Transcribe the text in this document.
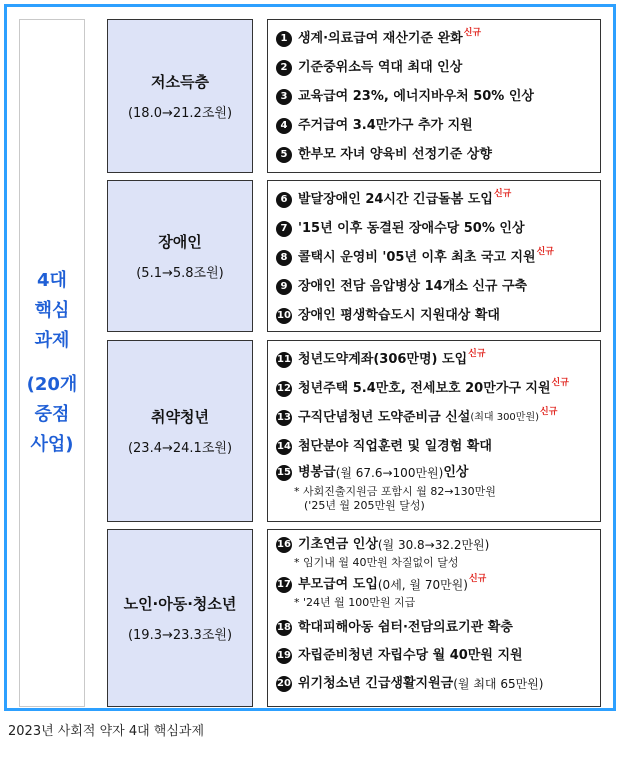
4대
핵심
과제
(20개
중점
사업)
저소득층
(18.0→21.2조원)
1 생계·의료급여 재산기준 완화 신규
2 기준중위소득 역대 최대 인상
3 교육급여 23%, 에너지바우처 50% 인상
4 주거급여 3.4만가구 추가 지원
5 한부모 자녀 양육비 선정기준 상향
장애인
(5.1→5.8조원)
6 발달장애인 24시간 긴급돌봄 도입 신규
7 '15년 이후 동결된 장애수당 50% 인상
8 콜택시 운영비 '05년 이후 최초 국고 지원 신규
9 장애인 전담 음압병상 14개소 신규 구축
10 장애인 평생학습도시 지원대상 확대
취약청년
(23.4→24.1조원)
11 청년도약계좌(306만명) 도입 신규
12 청년주택 5.4만호, 전세보호 20만가구 지원 신규
13 구직단념청년 도약준비금 신설 (최대 300만원) 신규
14 첨단분야 직업훈련 및 일경험 확대
15 병봉급 (월 67.6→100만원) 인상
* 사회진출지원금 포함시 월 82→130만원
('25년 월 205만원 달성)
노인·아동·청소년
(19.3→23.3조원)
16 기초연금 인상 (월 30.8→32.2만원)
* 임기내 월 40만원 차질없이 달성
17 부모급여 도입 (0세, 월 70만원) 신규
* '24년 월 100만원 지급
18 학대피해아동 쉼터·전담의료기관 확충
19 자립준비청년 자립수당 월 40만원 지원
20 위기청소년 긴급생활지원금 (월 최대 65만원)
2023년 사회적 약자 4대 핵심과제
